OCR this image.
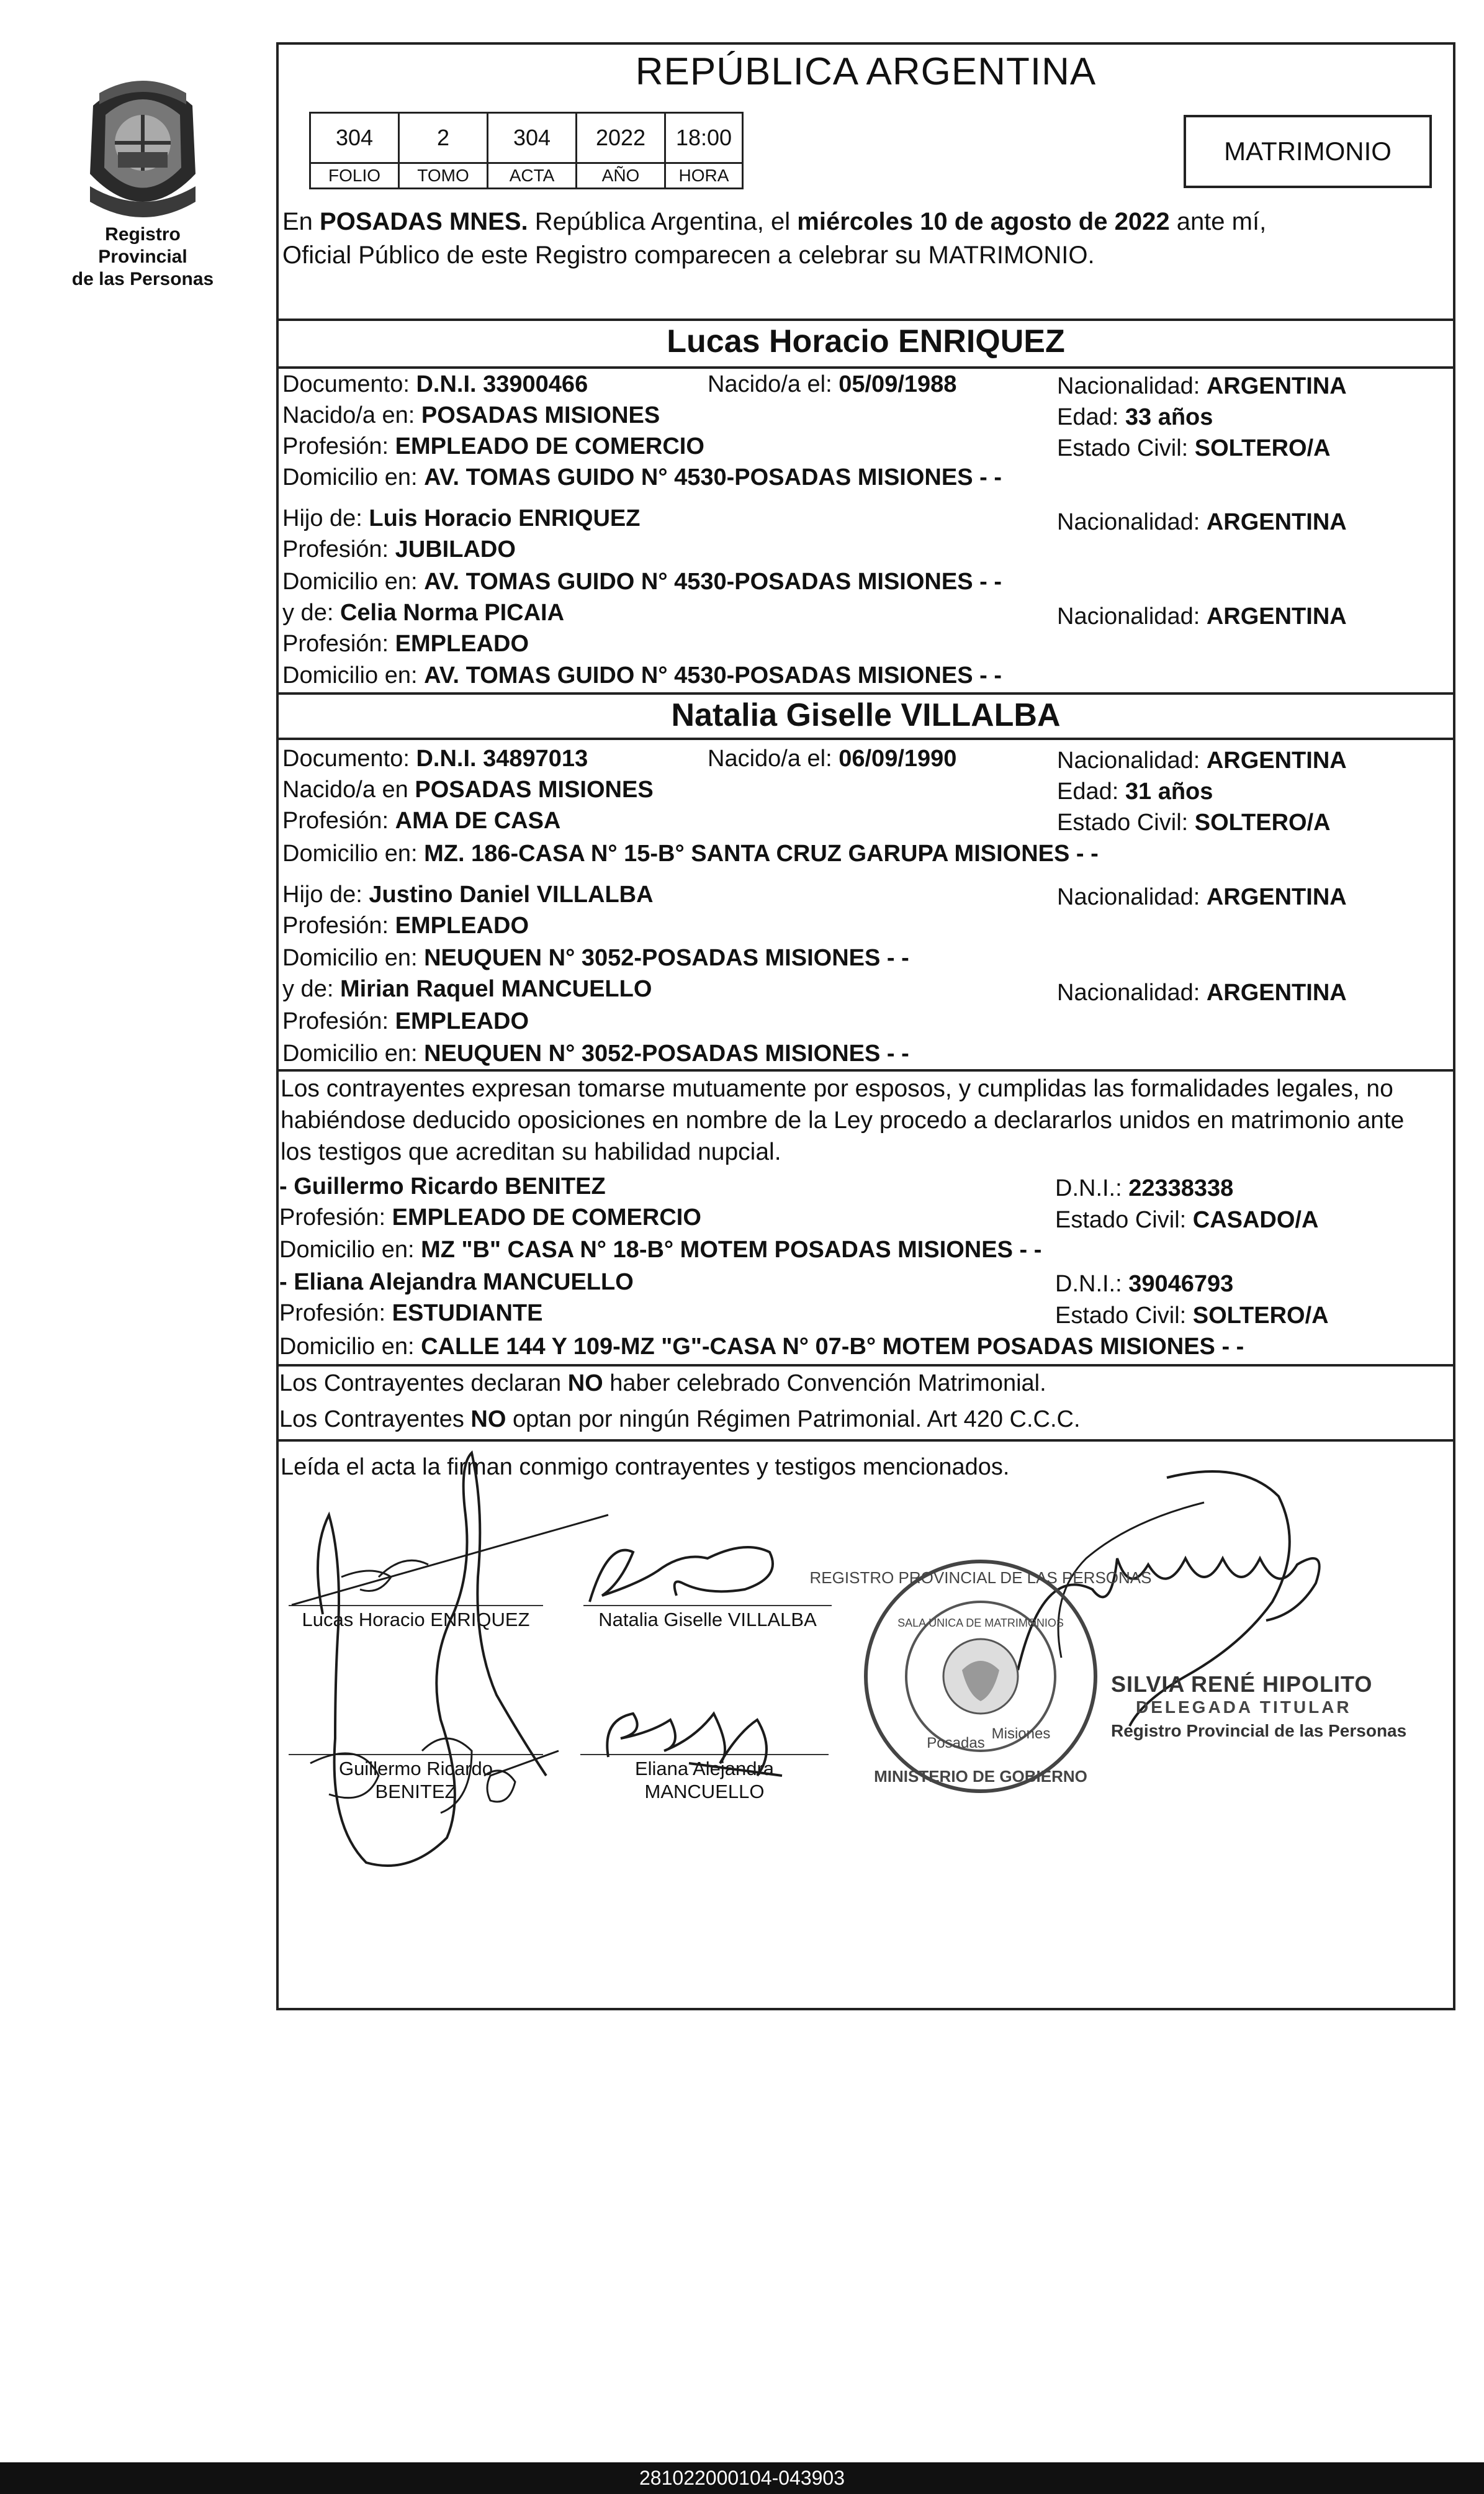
Registro Provincial
de las Personas
REPÚBLICA ARGENTINA
304	2	304	2022	18:00
FOLIO	TOMO	ACTA	AÑO	HORA
MATRIMONIO
En POSADAS MNES. República Argentina, el miércoles 10 de agosto de 2022 ante mí,
Oficial Público de este Registro comparecen a celebrar su MATRIMONIO.
Lucas Horacio ENRIQUEZ
Documento: D.N.I. 33900466	Nacido/a el: 05/09/1988	Nacionalidad: ARGENTINA
Nacido/a en: POSADAS MISIONES	Edad: 33 años
Profesión: EMPLEADO DE COMERCIO	Estado Civil: SOLTERO/A
Domicilio en: AV. TOMAS GUIDO N° 4530-POSADAS MISIONES - -
Hijo de: Luis Horacio ENRIQUEZ	Nacionalidad: ARGENTINA
Profesión: JUBILADO
Domicilio en: AV. TOMAS GUIDO N° 4530-POSADAS MISIONES - -
y de: Celia Norma PICAIA	Nacionalidad: ARGENTINA
Profesión: EMPLEADO
Domicilio en: AV. TOMAS GUIDO N° 4530-POSADAS MISIONES - -
Natalia Giselle VILLALBA
Documento: D.N.I. 34897013	Nacido/a el: 06/09/1990	Nacionalidad: ARGENTINA
Nacido/a en POSADAS MISIONES	Edad: 31 años
Profesión: AMA DE CASA	Estado Civil: SOLTERO/A
Domicilio en: MZ. 186-CASA N° 15-B° SANTA CRUZ GARUPA MISIONES - -
Hijo de: Justino Daniel VILLALBA	Nacionalidad: ARGENTINA
Profesión: EMPLEADO
Domicilio en: NEUQUEN N° 3052-POSADAS MISIONES - -
y de: Mirian Raquel MANCUELLO	Nacionalidad: ARGENTINA
Profesión: EMPLEADO
Domicilio en: NEUQUEN N° 3052-POSADAS MISIONES - -
Los contrayentes expresan tomarse mutuamente por esposos, y cumplidas las formalidades legales, no
habiéndose deducido oposiciones en nombre de la Ley procedo a declararlos unidos en matrimonio ante
los testigos que acreditan su habilidad nupcial.
- Guillermo Ricardo BENITEZ	D.N.I.: 22338338
Profesión: EMPLEADO DE COMERCIO	Estado Civil: CASADO/A
Domicilio en: MZ "B" CASA N° 18-B° MOTEM POSADAS MISIONES - -
- Eliana Alejandra MANCUELLO	D.N.I.: 39046793
Profesión: ESTUDIANTE	Estado Civil: SOLTERO/A
Domicilio en: CALLE 144 Y 109-MZ "G"-CASA N° 07-B° MOTEM POSADAS MISIONES - -
Los Contrayentes declaran NO haber celebrado Convención Matrimonial.
Los Contrayentes NO optan por ningún Régimen Patrimonial. Art 420 C.C.C.
Leída el acta la firman conmigo contrayentes y testigos mencionados.
Lucas Horacio ENRIQUEZ	Natalia Giselle VILLALBA
Guillermo Ricardo
BENITEZ
Eliana Alejandra
MANCUELLO
REGISTRO PROVINCIAL DE LAS PERSONAS
SALA UNICA DE MATRIMONIOS
Posadas
Misiones
MINISTERIO DE GOBIERNO
SILVIA RENÉ HIPOLITO
DELEGADA TITULAR
Registro Provincial de las Personas
281022000104-043903
